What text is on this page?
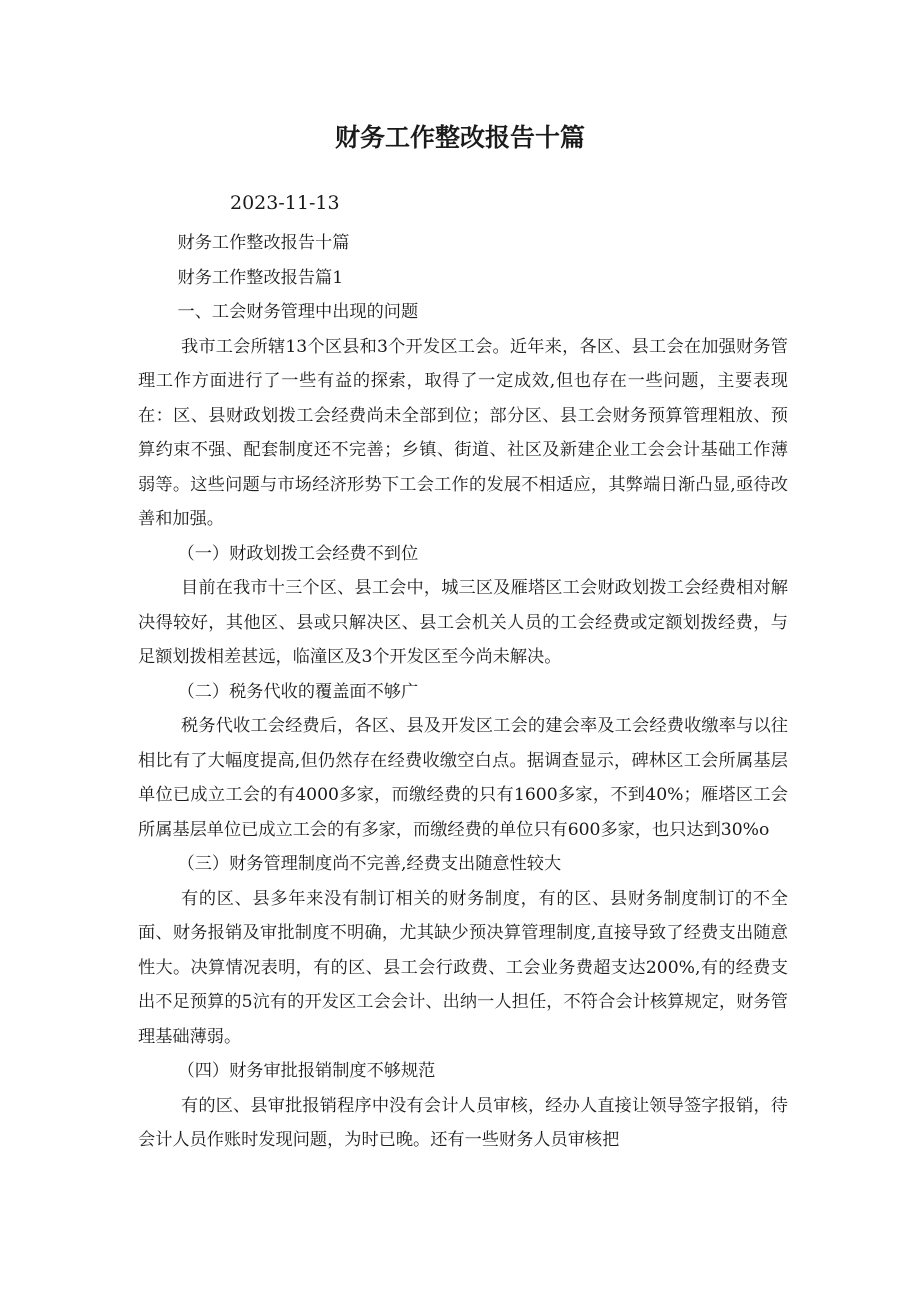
财务工作整改报告十篇
2023-11-13

财务工作整改报告十篇

财务工作整改报告篇1

一、工会财务管理中出现的问题

我市工会所辖13个区县和3个开发区工会。近年来，各区、县工会在加强财务管理工作方面进行了一些有益的探索，取得了一定成效,但也存在一些问题，主要表现在：区、县财政划拨工会经费尚未全部到位；部分区、县工会财务预算管理粗放、预算约束不强、配套制度还不完善；乡镇、街道、社区及新建企业工会会计基础工作薄弱等。这些问题与市场经济形势下工会工作的发展不相适应，其弊端日渐凸显,亟待改善和加强。

（一）财政划拨工会经费不到位

目前在我市十三个区、县工会中，城三区及雁塔区工会财政划拨工会经费相对解决得较好，其他区、县或只解决区、县工会机关人员的工会经费或定额划拨经费，与足额划拨相差甚远，临潼区及3个开发区至今尚未解决。

（二）税务代收的覆盖面不够广

税务代收工会经费后，各区、县及开发区工会的建会率及工会经费收缴率与以往相比有了大幅度提高,但仍然存在经费收缴空白点。据调查显示，碑林区工会所属基层单位已成立工会的有4000多家，而缴经费的只有1600多家，不到40%；雁塔区工会所属基层单位已成立工会的有多家，而缴经费的单位只有600多家，也只达到30%o

（三）财务管理制度尚不完善,经费支出随意性较大

有的区、县多年来没有制订相关的财务制度，有的区、县财务制度制订的不全面、财务报销及审批制度不明确，尤其缺少预决算管理制度,直接导致了经费支出随意性大。决算情况表明，有的区、县工会行政费、工会业务费超支达200%,有的经费支出不足预算的5沆有的开发区工会会计、出纳一人担任，不符合会计核算规定，财务管理基础薄弱。

（四）财务审批报销制度不够规范

有的区、县审批报销程序中没有会计人员审核，经办人直接让领导签字报销，待会计人员作账时发现问题，为时已晚。还有一些财务人员审核把
